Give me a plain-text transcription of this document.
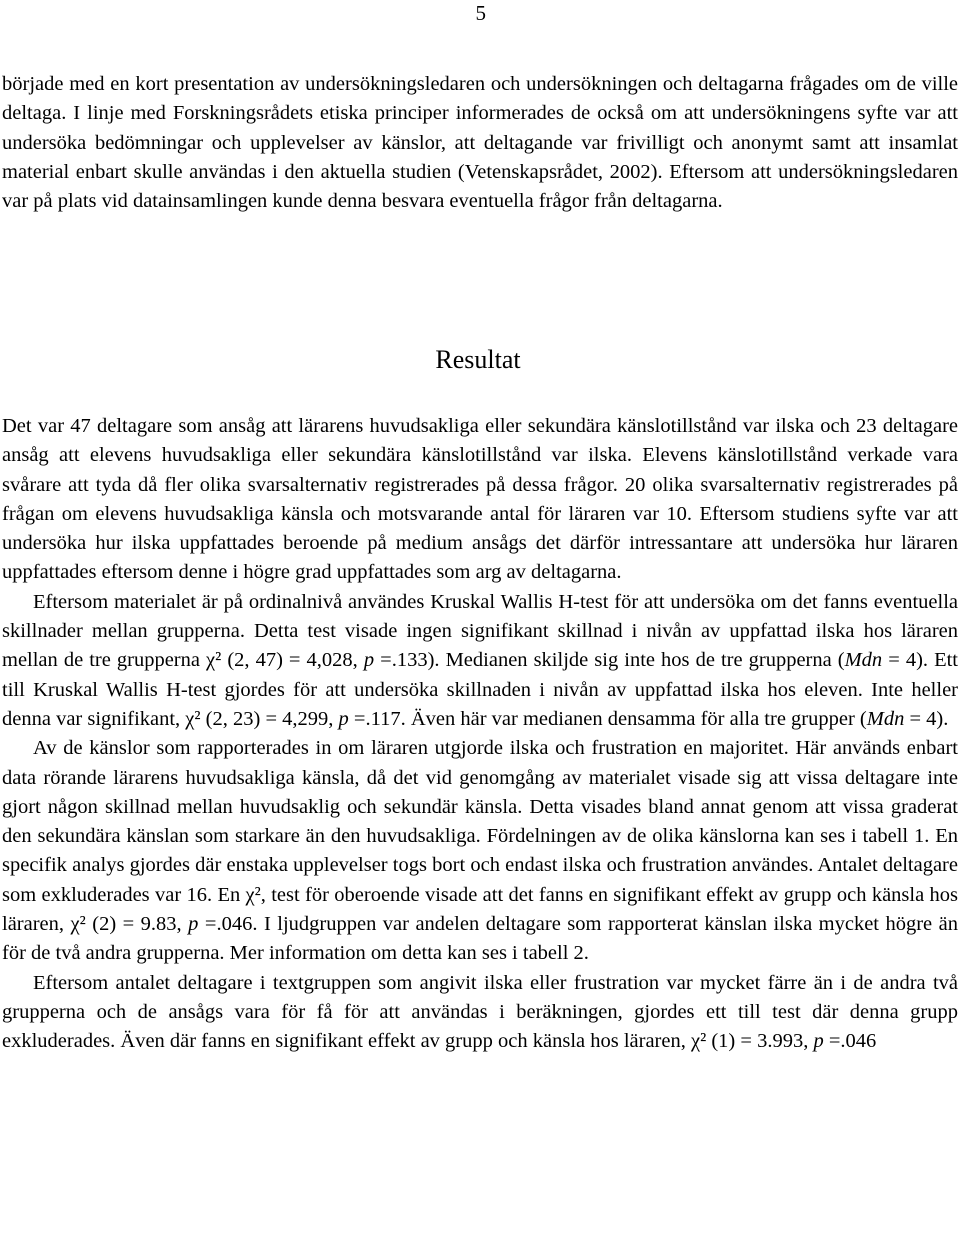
5

började med en kort presentation av undersökningsledaren och undersökningen och deltagarna frågades om de ville deltaga. I linje med Forskningsrådets etiska principer informerades de också om att undersökningens syfte var att undersöka bedömningar och upplevelser av känslor, att deltagande var frivilligt och anonymt samt att insamlat material enbart skulle användas i den aktuella studien (Vetenskapsrådet, 2002). Eftersom att undersökningsledaren var på plats vid datainsamlingen kunde denna besvara eventuella frågor från deltagarna.

Resultat

Det var 47 deltagare som ansåg att lärarens huvudsakliga eller sekundära känslotillstånd var ilska och 23 deltagare ansåg att elevens huvudsakliga eller sekundära känslotillstånd var ilska. Elevens känslotillstånd verkade vara svårare att tyda då fler olika svarsalternativ registrerades på dessa frågor. 20 olika svarsalternativ registrerades på frågan om elevens huvudsakliga känsla och motsvarande antal för läraren var 10. Eftersom studiens syfte var att undersöka hur ilska uppfattades beroende på medium ansågs det därför intressantare att undersöka hur läraren uppfattades eftersom denne i högre grad uppfattades som arg av deltagarna.

Eftersom materialet är på ordinalnivå användes Kruskal Wallis H-test för att undersöka om det fanns eventuella skillnader mellan grupperna. Detta test visade ingen signifikant skillnad i nivån av uppfattad ilska hos läraren mellan de tre grupperna χ² (2, 47) = 4,028, p =.133). Medianen skiljde sig inte hos de tre grupperna (Mdn = 4). Ett till Kruskal Wallis H-test gjordes för att undersöka skillnaden i nivån av uppfattad ilska hos eleven. Inte heller denna var signifikant, χ² (2, 23) = 4,299, p =.117. Även här var medianen densamma för alla tre grupper (Mdn = 4).

Av de känslor som rapporterades in om läraren utgjorde ilska och frustration en majoritet. Här används enbart data rörande lärarens huvudsakliga känsla, då det vid genomgång av materialet visade sig att vissa deltagare inte gjort någon skillnad mellan huvudsaklig och sekundär känsla. Detta visades bland annat genom att vissa graderat den sekundära känslan som starkare än den huvudsakliga. Fördelningen av de olika känslorna kan ses i tabell 1. En specifik analys gjordes där enstaka upplevelser togs bort och endast ilska och frustration användes. Antalet deltagare som exkluderades var 16. En χ², test för oberoende visade att det fanns en signifikant effekt av grupp och känsla hos läraren, χ² (2) = 9.83, p =.046. I ljudgruppen var andelen deltagare som rapporterat känslan ilska mycket högre än för de två andra grupperna. Mer information om detta kan ses i tabell 2.

Eftersom antalet deltagare i textgruppen som angivit ilska eller frustration var mycket färre än i de andra två grupperna och de ansågs vara för få för att användas i beräkningen, gjordes ett till test där denna grupp exkluderades. Även där fanns en signifikant effekt av grupp och känsla hos läraren, χ² (1) = 3.993, p =.046
